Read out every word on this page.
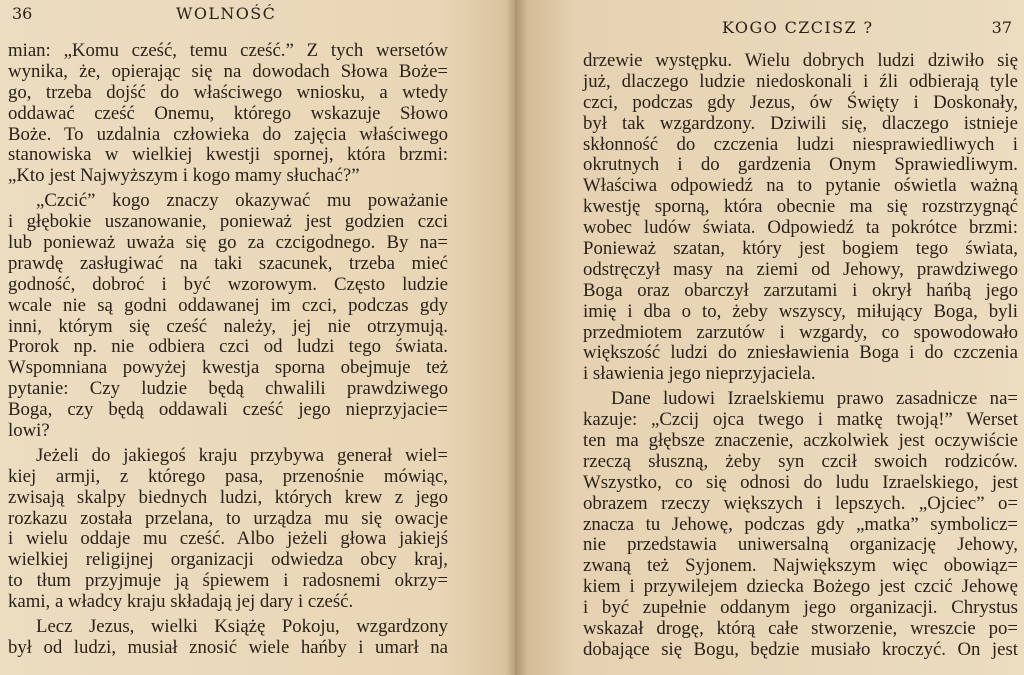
36	WOLNOŚĆ
mian: „Komu cześć, temu cześć.” Z tych wersetów
wynika, że, opierając się na dowodach Słowa Boże=
go, trzeba dojść do właściwego wniosku, a wtedy
oddawać cześć Onemu, którego wskazuje Słowo
Boże. To uzdalnia człowieka do zajęcia właściwego
stanowiska w wielkiej kwestji spornej, która brzmi:
„Kto jest Najwyższym i kogo mamy słuchać?”
„Czcić” kogo znaczy okazywać mu poważanie
i głębokie uszanowanie, ponieważ jest godzien czci
lub ponieważ uważa się go za czcigodnego. By na=
prawdę zasługiwać na taki szacunek, trzeba mieć
godność, dobroć i być wzorowym. Często ludzie
wcale nie są godni oddawanej im czci, podczas gdy
inni, którym się cześć należy, jej nie otrzymują.
Prorok np. nie odbiera czci od ludzi tego świata.
Wspomniana powyżej kwestja sporna obejmuje też
pytanie: Czy ludzie będą chwalili prawdziwego
Boga, czy będą oddawali cześć jego nieprzyjacie=
lowi?
Jeżeli do jakiegoś kraju przybywa generał wiel=
kiej armji, z którego pasa, przenośnie mówiąc,
zwisają skalpy biednych ludzi, których krew z jego
rozkazu została przelana, to urządza mu się owacje
i wielu oddaje mu cześć. Albo jeżeli głowa jakiejś
wielkiej religijnej organizacji odwiedza obcy kraj,
to tłum przyjmuje ją śpiewem i radosnemi okrzy=
kami, a władcy kraju składają jej dary i cześć.
Lecz Jezus, wielki Książę Pokoju, wzgardzony
był od ludzi, musiał znosić wiele hańby i umarł na
KOGO CZCISZ ?	37
drzewie występku. Wielu dobrych ludzi dziwiło się
już, dlaczego ludzie niedoskonali i źli odbierają tyle
czci, podczas gdy Jezus, ów Święty i Doskonały,
był tak wzgardzony. Dziwili się, dlaczego istnieje
skłonność do czczenia ludzi niesprawiedliwych i
okrutnych i do gardzenia Onym Sprawiedliwym.
Właściwa odpowiedź na to pytanie oświetla ważną
kwestję sporną, która obecnie ma się rozstrzygnąć
wobec ludów świata. Odpowiedź ta pokrótce brzmi:
Ponieważ szatan, który jest bogiem tego świata,
odstręczył masy na ziemi od Jehowy, prawdziwego
Boga oraz obarczył zarzutami i okrył hańbą jego
imię i dba o to, żeby wszyscy, miłujący Boga, byli
przedmiotem zarzutów i wzgardy, co spowodowało
większość ludzi do zniesławienia Boga i do czczenia
i sławienia jego nieprzyjaciela.
Dane ludowi Izraelskiemu prawo zasadnicze na=
kazuje: „Czcij ojca twego i matkę twoją!” Werset
ten ma głębsze znaczenie, aczkolwiek jest oczywiście
rzeczą słuszną, żeby syn czcił swoich rodziców.
Wszystko, co się odnosi do ludu Izraelskiego, jest
obrazem rzeczy większych i lepszych. „Ojciec” o=
znacza tu Jehowę, podczas gdy „matka” symbolicz=
nie przedstawia uniwersalną organizację Jehowy,
zwaną też Syjonem. Największym więc obowiąz=
kiem i przywilejem dziecka Bożego jest czcić Jehowę
i być zupełnie oddanym jego organizacji. Chrystus
wskazał drogę, którą całe stworzenie, wreszcie po=
dobające się Bogu, będzie musiało kroczyć. On jest
